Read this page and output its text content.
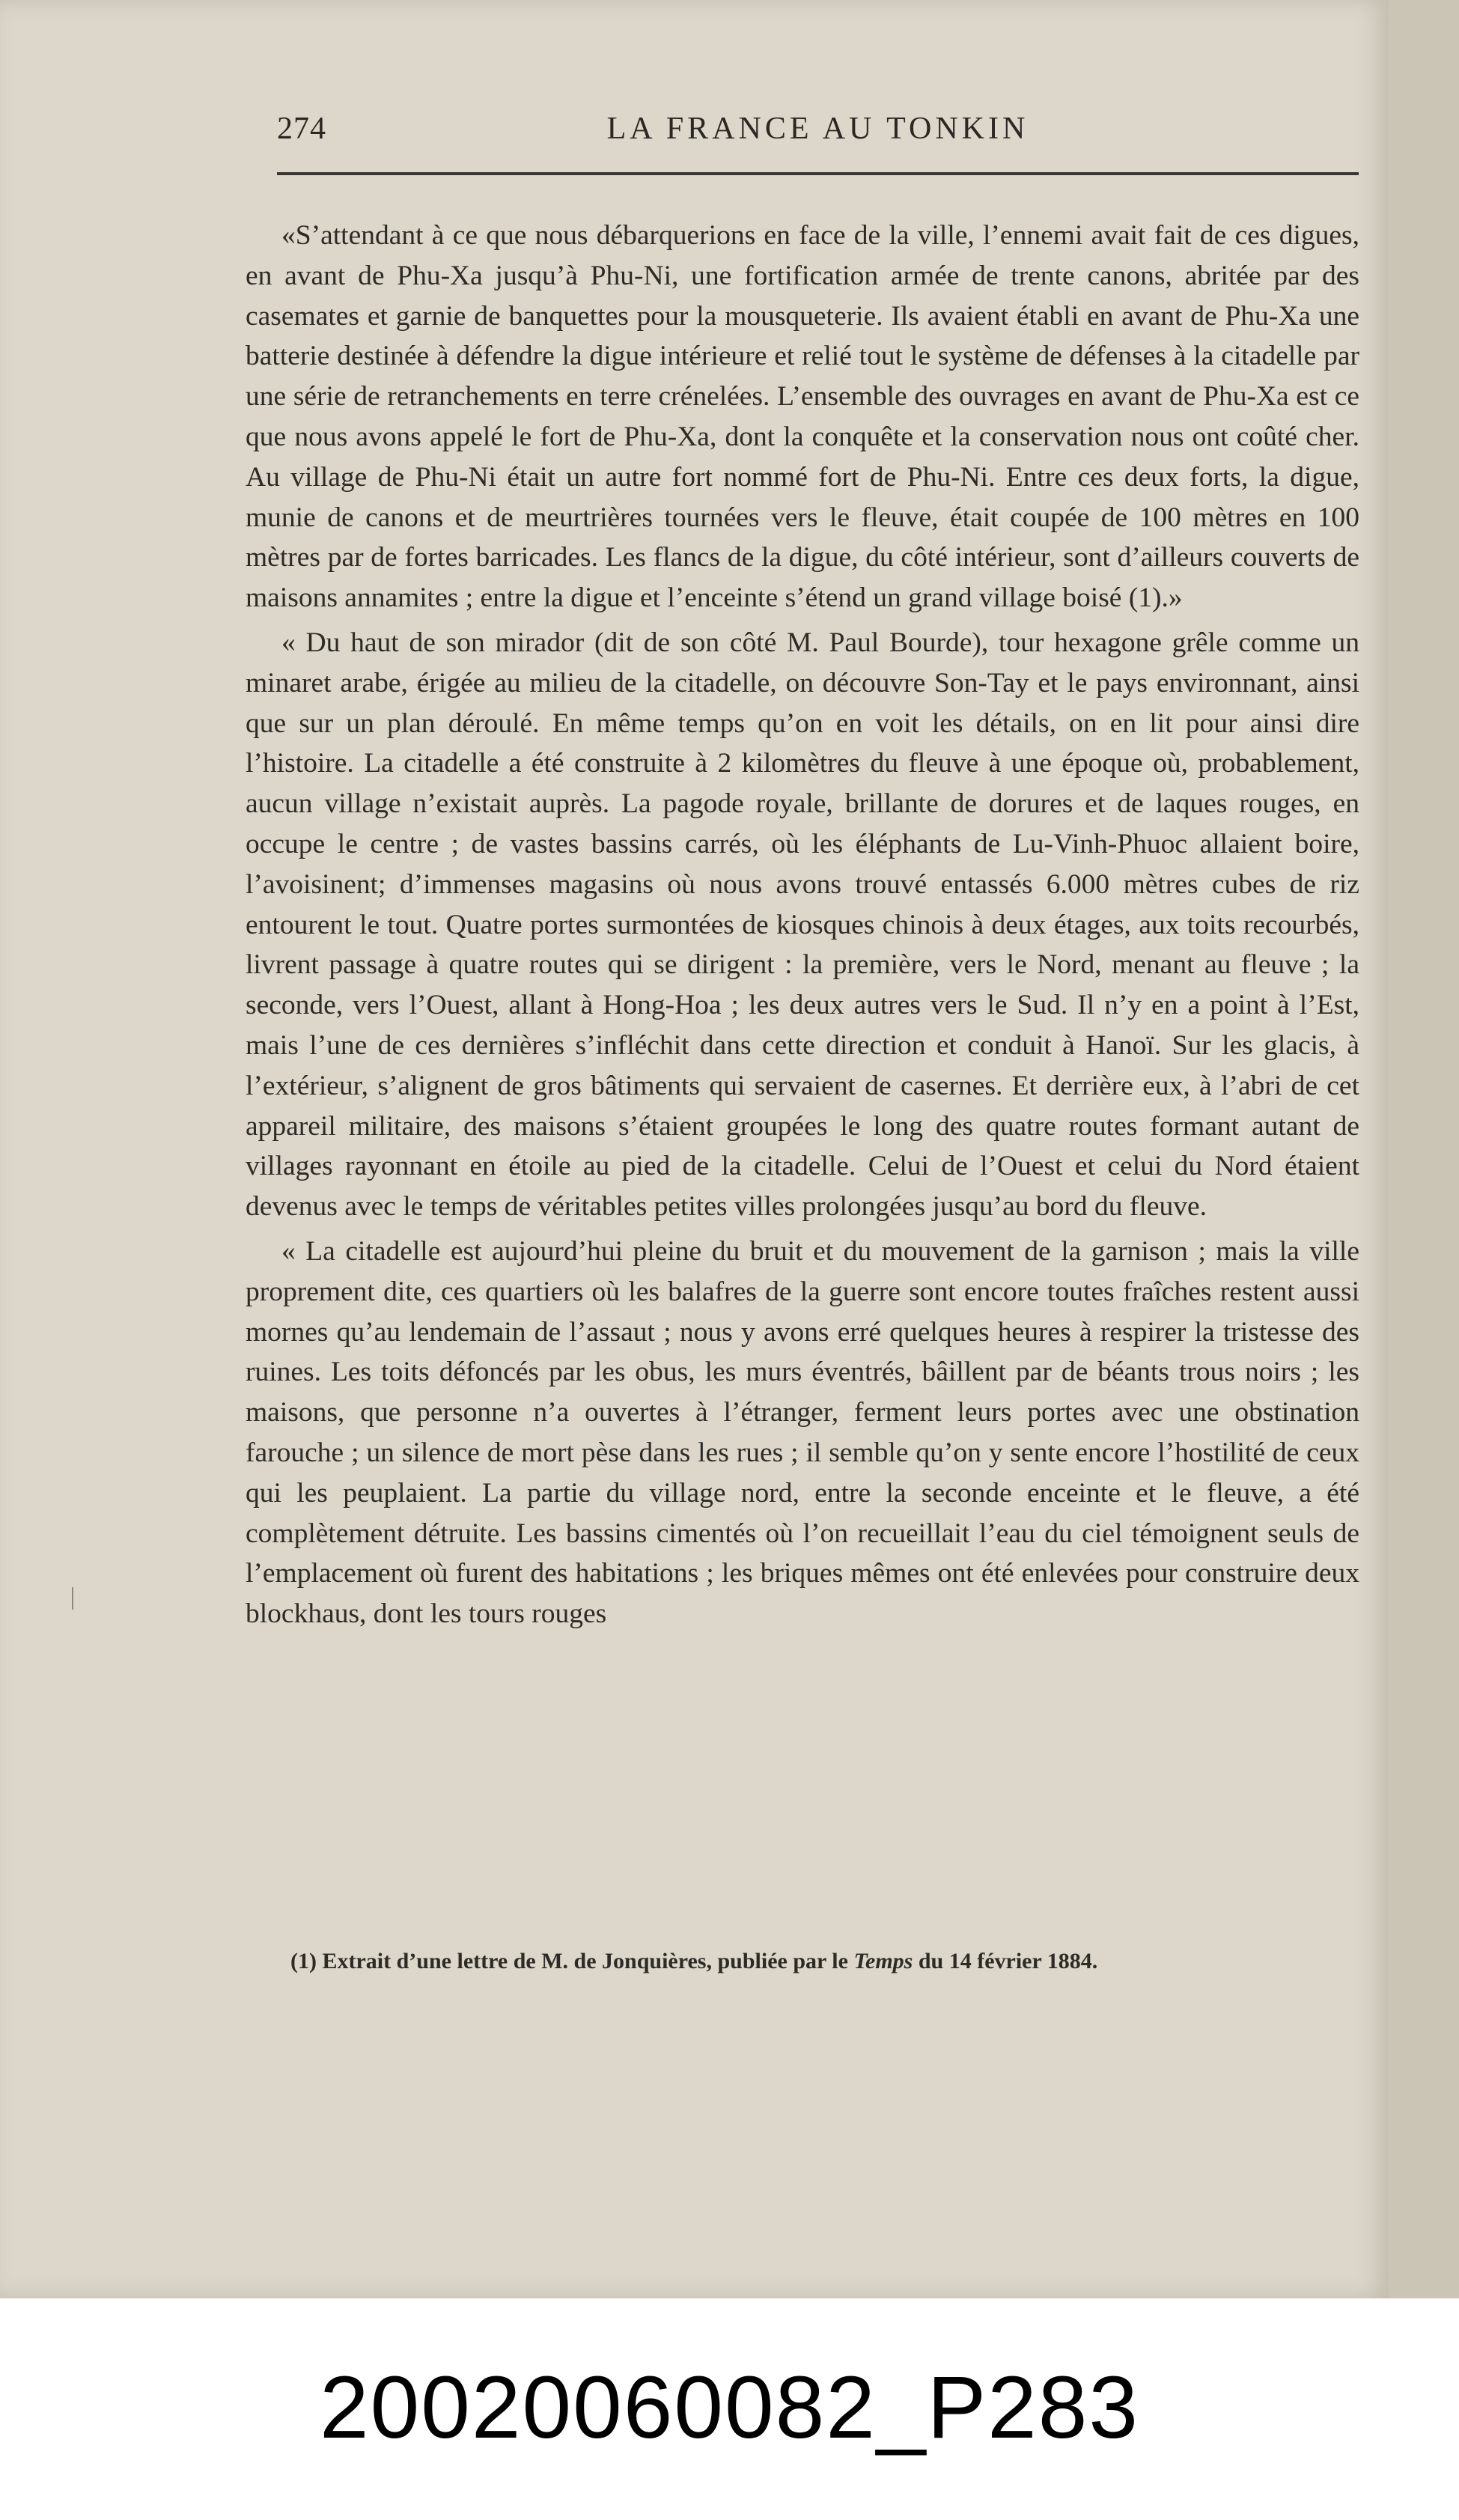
274	LA FRANCE AU TONKIN

«S’attendant à ce que nous débarquerions en face de la ville, l’ennemi avait fait de ces digues, en avant de Phu-Xa jusqu’à Phu-Ni, une fortification armée de trente canons, abritée par des casemates et garnie de banquettes pour la mousqueterie. Ils avaient établi en avant de Phu-Xa une batterie destinée à défendre la digue intérieure et relié tout le système de défenses à la citadelle par une série de retranchements en terre crénelées. L’ensemble des ouvrages en avant de Phu-Xa est ce que nous avons appelé le fort de Phu-Xa, dont la conquête et la conservation nous ont coûté cher. Au village de Phu-Ni était un autre fort nommé fort de Phu-Ni. Entre ces deux forts, la digue, munie de canons et de meurtrières tournées vers le fleuve, était coupée de 100 mètres en 100 mètres par de fortes barricades. Les flancs de la digue, du côté intérieur, sont d’ailleurs couverts de maisons annamites ; entre la digue et l’enceinte s’étend un grand village boisé (1).»

« Du haut de son mirador (dit de son côté M. Paul Bourde), tour hexagone grêle comme un minaret arabe, érigée au milieu de la citadelle, on découvre Son-Tay et le pays environnant, ainsi que sur un plan déroulé. En même temps qu’on en voit les détails, on en lit pour ainsi dire l’histoire. La citadelle a été construite à 2 kilomètres du fleuve à une époque où, probablement, aucun village n’existait auprès. La pagode royale, brillante de dorures et de laques rouges, en occupe le centre ; de vastes bassins carrés, où les éléphants de Lu-Vinh-Phuoc allaient boire, l’avoisinent; d’immenses magasins où nous avons trouvé entassés 6.000 mètres cubes de riz entourent le tout. Quatre portes surmontées de kiosques chinois à deux étages, aux toits recourbés, livrent passage à quatre routes qui se dirigent : la première, vers le Nord, menant au fleuve ; la seconde, vers l’Ouest, allant à Hong-Hoa ; les deux autres vers le Sud. Il n’y en a point à l’Est, mais l’une de ces dernières s’infléchit dans cette direction et conduit à Hanoï. Sur les glacis, à l’extérieur, s’alignent de gros bâtiments qui servaient de casernes. Et derrière eux, à l’abri de cet appareil militaire, des maisons s’étaient groupées le long des quatre routes formant autant de villages rayonnant en étoile au pied de la citadelle. Celui de l’Ouest et celui du Nord étaient devenus avec le temps de véritables petites villes prolongées jusqu’au bord du fleuve.

« La citadelle est aujourd’hui pleine du bruit et du mouvement de la garnison ; mais la ville proprement dite, ces quartiers où les balafres de la guerre sont encore toutes fraîches restent aussi mornes qu’au lendemain de l’assaut ; nous y avons erré quelques heures à respirer la tristesse des ruines. Les toits défoncés par les obus, les murs éventrés, bâillent par de béants trous noirs ; les maisons, que personne n’a ouvertes à l’étranger, ferment leurs portes avec une obstination farouche ; un silence de mort pèse dans les rues ; il semble qu’on y sente encore l’hostilité de ceux qui les peuplaient. La partie du village nord, entre la seconde enceinte et le fleuve, a été complètement détruite. Les bassins cimentés où l’on recueillait l’eau du ciel témoignent seuls de l’emplacement où furent des habitations ; les briques mêmes ont été enlevées pour construire deux blockhaus, dont les tours rouges

(1) Extrait d’une lettre de M. de Jonquières, publiée par le Temps du 14 février 1884.
20020060082_P283
